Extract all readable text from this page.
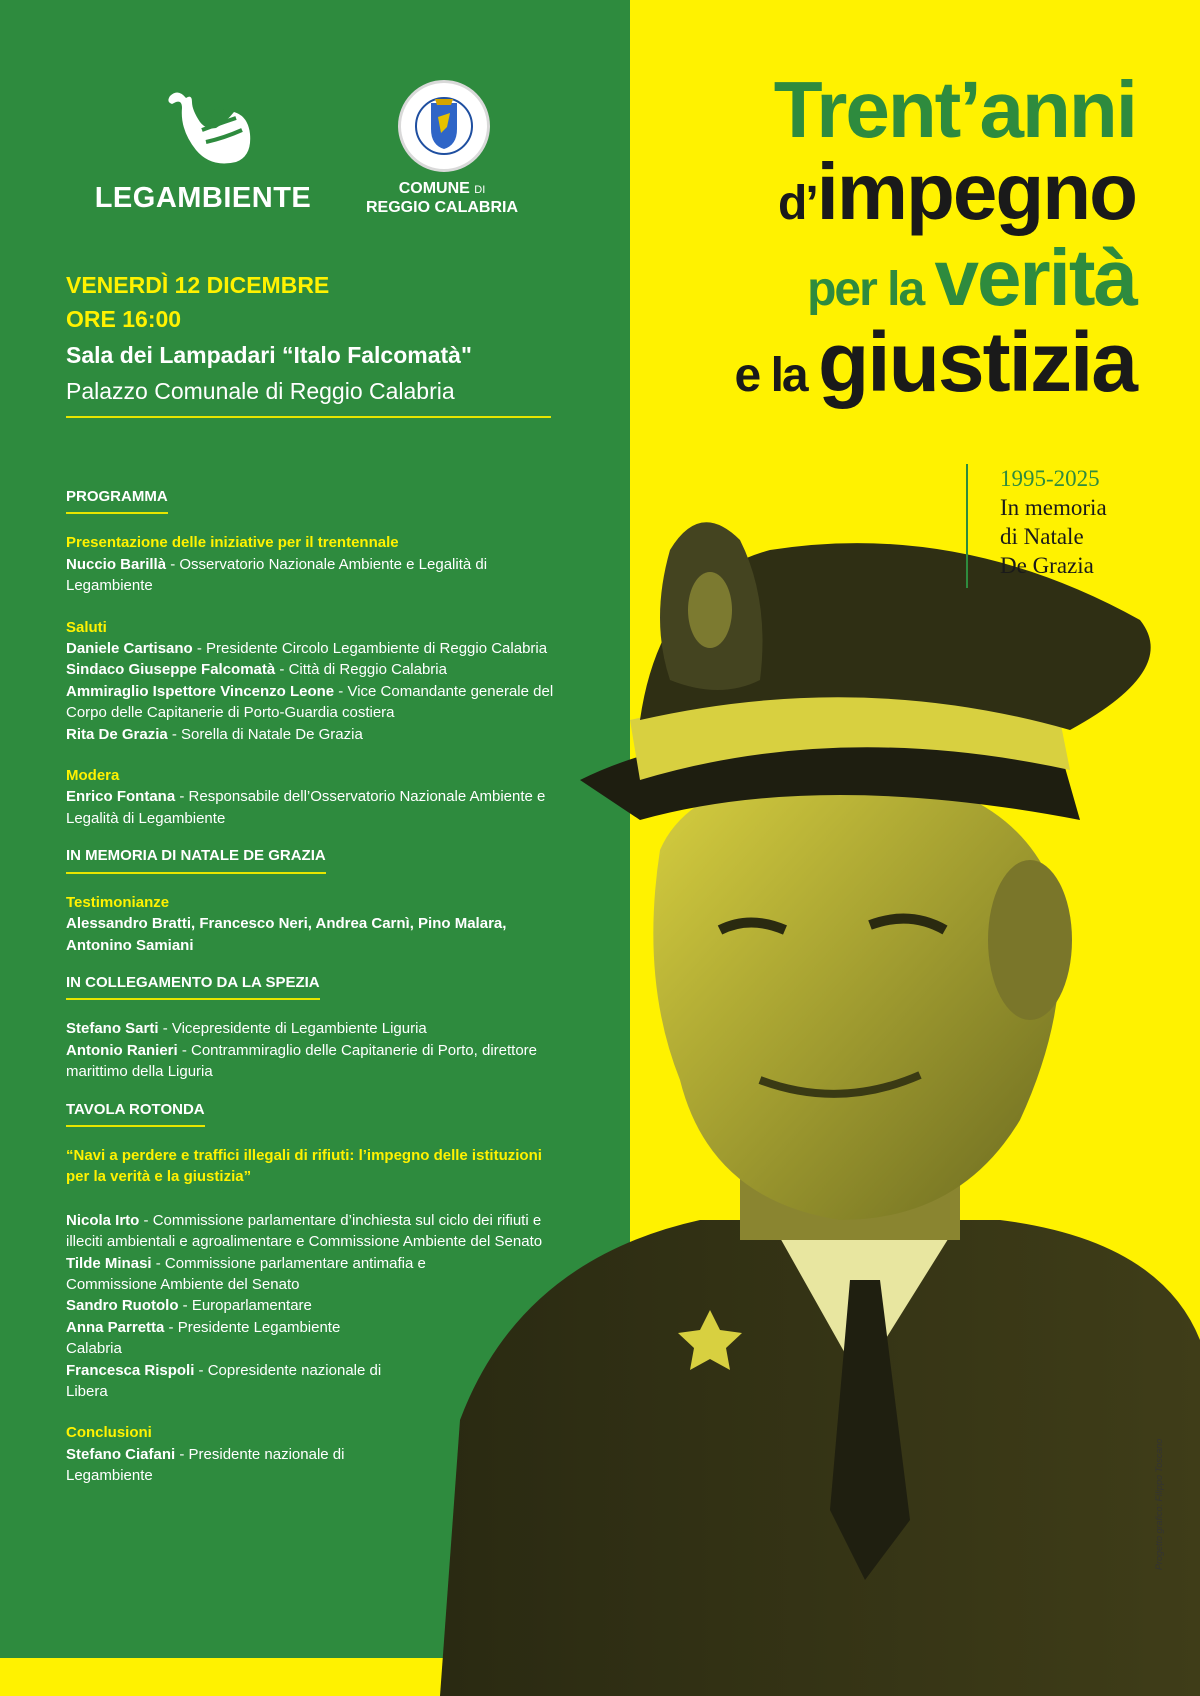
LEGAMBIENTE	COMUNE DI
REGGIO CALABRIA
VENERDÌ 12 DICEMBRE
ORE 16:00
Sala dei Lampadari “Italo Falcomatà"
Palazzo Comunale di Reggio Calabria
PROGRAMMA
Presentazione delle iniziative per il trentennale
Nuccio Barillà - Osservatorio Nazionale Ambiente e Legalità di Legambiente
Saluti
Daniele Cartisano - Presidente Circolo Legambiente di Reggio Calabria
Sindaco Giuseppe Falcomatà - Città di Reggio Calabria
Ammiraglio Ispettore Vincenzo Leone - Vice Comandante generale del Corpo delle Capitanerie di Porto-Guardia costiera
Rita De Grazia - Sorella di Natale De Grazia
Modera
Enrico Fontana - Responsabile dell’Osservatorio Nazionale Ambiente e Legalità di Legambiente
IN MEMORIA DI NATALE DE GRAZIA
Testimonianze
Alessandro Bratti, Francesco Neri, Andrea Carnì, Pino Malara, Antonino Samiani
IN COLLEGAMENTO DA LA SPEZIA
Stefano Sarti - Vicepresidente di Legambiente Liguria
Antonio Ranieri - Contrammiraglio delle Capitanerie di Porto, direttore marittimo della Liguria
TAVOLA ROTONDA
“Navi a perdere e traffici illegali di rifiuti: l’impegno delle istituzioni per la verità e la giustizia”
Nicola Irto - Commissione parlamentare d’inchiesta sul ciclo dei rifiuti e illeciti ambientali e agroalimentare e Commissione Ambiente del Senato
Tilde Minasi - Commissione parlamentare antimafia e Commissione Ambiente del Senato
Sandro Ruotolo - Europarlamentare
Anna Parretta - Presidente Legambiente Calabria
Francesca Rispoli - Copresidente nazionale di Libera
Conclusioni
Stefano Ciafani - Presidente nazionale di Legambiente
Trent’anni
d’impegno
per la verità
e la giustizia
1995-2025
In memoria
di Natale
De Grazia
Progetto grafico: Filippo Toscano
